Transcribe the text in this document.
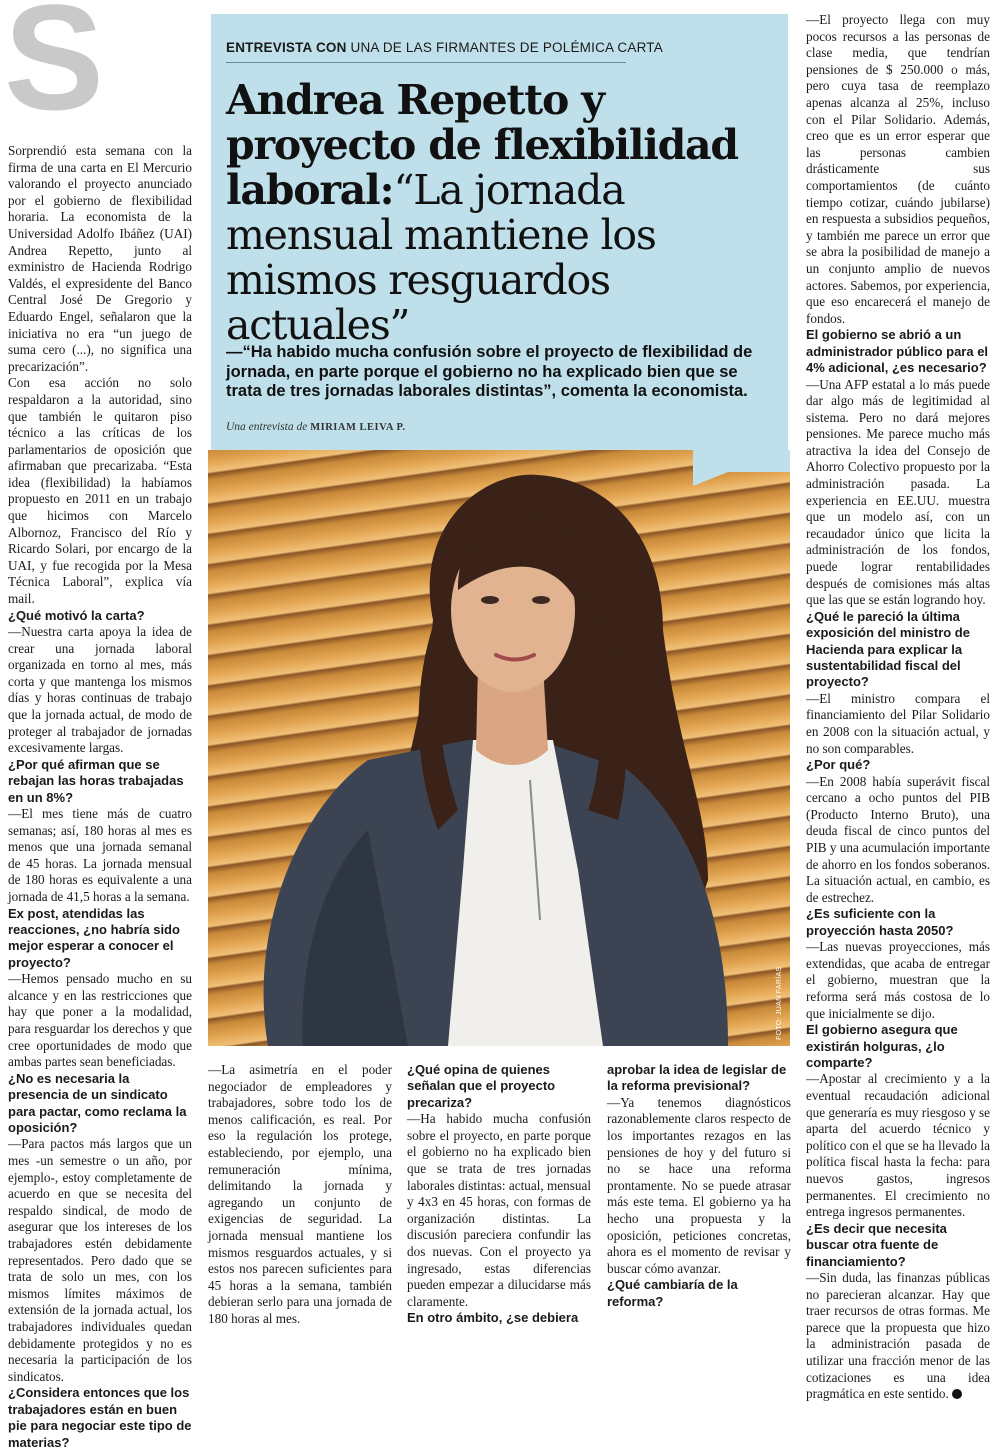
S	ENTREVISTA CON UNA DE LAS FIRMANTES DE POLÉMICA CARTA
Andrea Repetto y proyecto de flexibilidad laboral:“La jornada mensual mantiene los mismos resguardos actuales”
—“Ha habido mucha confusión sobre el proyecto de flexibilidad de jornada, en parte porque el gobierno no ha explicado bien que se trata de tres jornadas laborales distintas”, comenta la economista.
Una entrevista de MIRIAM LEIVA P.
FOTO: JUAN FARÍAS

Sorprendió esta semana con la firma de una carta en El Mercurio valorando el proyecto anunciado por el gobierno de flexibilidad horaria. La economista de la Universidad Adolfo Ibáñez (UAI) Andrea Repetto, junto al exministro de Hacienda Rodrigo Valdés, el expresidente del Banco Central José De Gregorio y Eduardo Engel, señalaron que la iniciativa no era “un juego de suma cero (...), no significa una precarización”.

Con esa acción no solo respaldaron a la autoridad, sino que también le quitaron piso técnico a las críticas de los parlamentarios de oposición que afirmaban que precarizaba. “Esta idea (flexibilidad) la habíamos propuesto en 2011 en un trabajo que hicimos con Marcelo Albornoz, Francisco del Río y Ricardo Solari, por encargo de la UAI, y fue recogida por la Mesa Técnica Laboral”, explica vía mail.

¿Qué motivó la carta?

—Nuestra carta apoya la idea de crear una jornada laboral organizada en torno al mes, más corta y que mantenga los mismos días y horas continuas de trabajo que la jornada actual, de modo de proteger al trabajador de jornadas excesivamente largas.

¿Por qué afirman que se rebajan las horas trabajadas en un 8%?

—El mes tiene más de cuatro semanas; así, 180 horas al mes es menos que una jornada semanal de 45 horas. La jornada mensual de 180 horas es equivalente a una jornada de 41,5 horas a la semana.

Ex post, atendidas las reacciones, ¿no habría sido mejor esperar a conocer el proyecto?

—Hemos pensado mucho en su alcance y en las restricciones que hay que poner a la modalidad, para resguardar los derechos y que cree oportunidades de modo que ambas partes sean beneficiadas.

¿No es necesaria la presencia de un sindicato para pactar, como reclama la oposición?

—Para pactos más largos que un mes -un semestre o un año, por ejemplo-, estoy completamente de acuerdo en que se necesita del respaldo sindical, de modo de asegurar que los intereses de los trabajadores estén debidamente representados. Pero dado que se trata de solo un mes, con los mismos límites máximos de extensión de la jornada actual, los trabajadores individuales quedan debidamente protegidos y no es necesaria la participación de los sindicatos.

¿Considera entonces que los trabajadores están en buen pie para negociar este tipo de materias?

—La asimetría en el poder negociador de empleadores y trabajadores, sobre todo los de menos calificación, es real. Por eso la regulación los protege, estableciendo, por ejemplo, una remuneración mínima, delimitando la jornada y agregando un conjunto de exigencias de seguridad. La jornada mensual mantiene los mismos resguardos actuales, y si estos nos parecen suficientes para 45 horas a la semana, también debieran serlo para una jornada de 180 horas al mes.

¿Qué opina de quienes señalan que el proyecto precariza?

—Ha habido mucha confusión sobre el proyecto, en parte porque el gobierno no ha explicado bien que se trata de tres jornadas laborales distintas: actual, mensual y 4x3 en 45 horas, con formas de organización distintas. La discusión pareciera confundir las dos nuevas. Con el proyecto ya ingresado, estas diferencias pueden empezar a dilucidarse más claramente.

En otro ámbito, ¿se debiera

aprobar la idea de legislar de la reforma previsional?

—Ya tenemos diagnósticos razonablemente claros respecto de los importantes rezagos en las pensiones de hoy y del futuro si no se hace una reforma prontamente. No se puede atrasar más este tema. El gobierno ya ha hecho una propuesta y la oposición, peticiones concretas, ahora es el momento de revisar y buscar cómo avanzar.

¿Qué cambiaría de la reforma?

—El proyecto llega con muy pocos recursos a las personas de clase media, que tendrían pensiones de $ 250.000 o más, pero cuya tasa de reemplazo apenas alcanza al 25%, incluso con el Pilar Solidario. Además, creo que es un error esperar que las personas cambien drásticamente sus comportamientos (de cuánto tiempo cotizar, cuándo jubilarse) en respuesta a subsidios pequeños, y también me parece un error que se abra la posibilidad de manejo a un conjunto amplio de nuevos actores. Sabemos, por experiencia, que eso encarecerá el manejo de fondos.

El gobierno se abrió a un administrador público para el 4% adicional, ¿es necesario?

—Una AFP estatal a lo más puede dar algo más de legitimidad al sistema. Pero no dará mejores pensiones. Me parece mucho más atractiva la idea del Consejo de Ahorro Colectivo propuesto por la administración pasada. La experiencia en EE.UU. muestra que un modelo así, con un recaudador único que licita la administración de los fondos, puede lograr rentabilidades después de comisiones más altas que las que se están logrando hoy.

¿Qué le pareció la última exposición del ministro de Hacienda para explicar la sustentabilidad fiscal del proyecto?

—El ministro compara el financiamiento del Pilar Solidario en 2008 con la situación actual, y no son comparables.

¿Por qué?

—En 2008 había superávit fiscal cercano a ocho puntos del PIB (Producto Interno Bruto), una deuda fiscal de cinco puntos del PIB y una acumulación importante de ahorro en los fondos soberanos. La situación actual, en cambio, es de estrechez.

¿Es suficiente con la proyección hasta 2050?

—Las nuevas proyecciones, más extendidas, que acaba de entregar el gobierno, muestran que la reforma será más costosa de lo que inicialmente se dijo.

El gobierno asegura que existirán holguras, ¿lo comparte?

—Apostar al crecimiento y a la eventual recaudación adicional que generaría es muy riesgoso y se aparta del acuerdo técnico y político con el que se ha llevado la política fiscal hasta la fecha: para nuevos gastos, ingresos permanentes. El crecimiento no entrega ingresos permanentes.

¿Es decir que necesita buscar otra fuente de financiamiento?

—Sin duda, las finanzas públicas no parecieran alcanzar. Hay que traer recursos de otras formas. Me parece que la propuesta que hizo la administración pasada de utilizar una fracción menor de las cotizaciones es una idea pragmática en este sentido.
